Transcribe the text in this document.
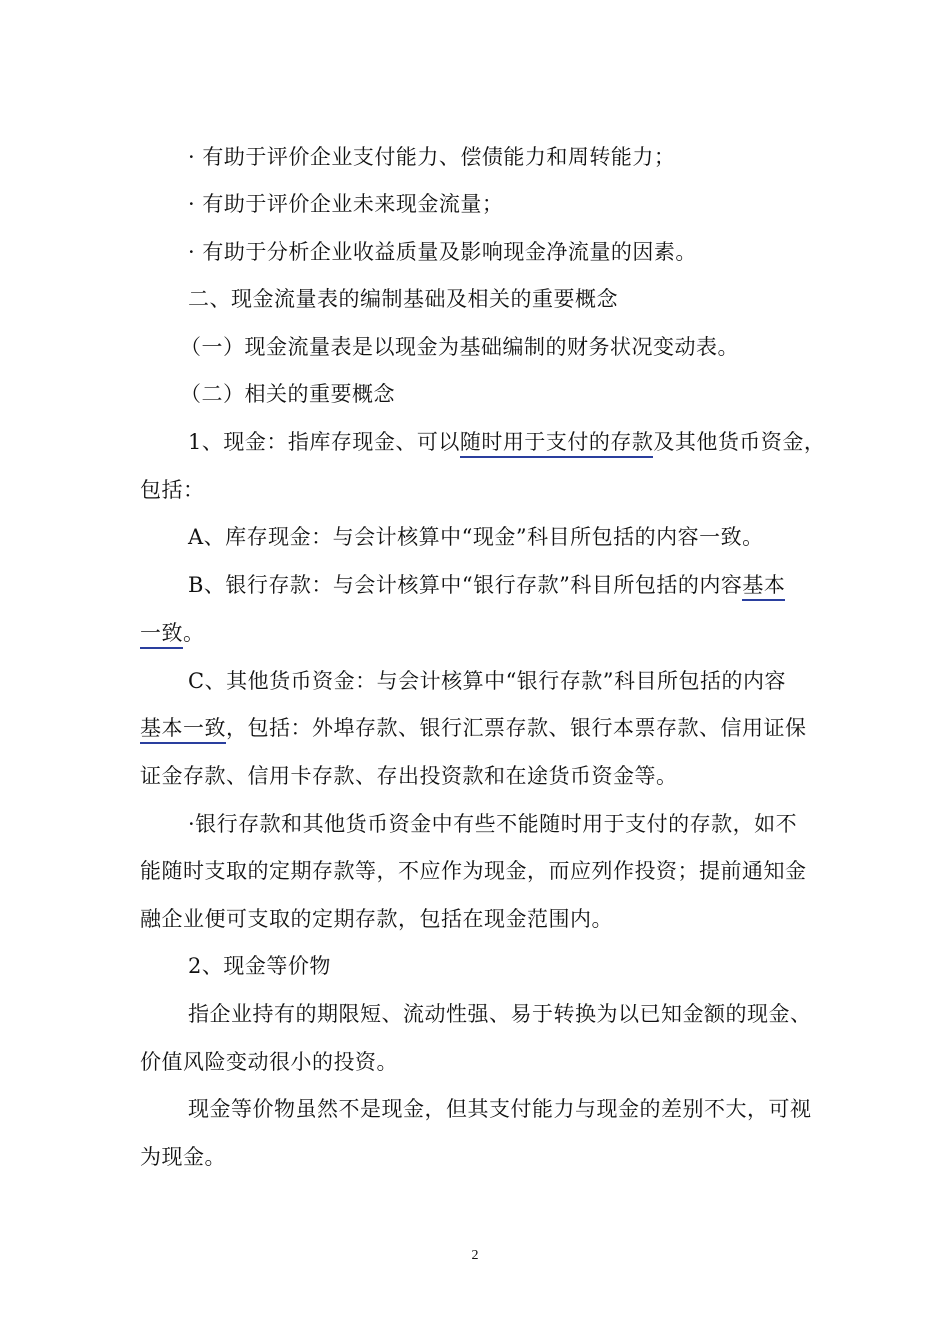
· 有助于评价企业支付能力、偿债能力和周转能力；
· 有助于评价企业未来现金流量；
· 有助于分析企业收益质量及影响现金净流量的因素。
二、现金流量表的编制基础及相关的重要概念
（一）现金流量表是以现金为基础编制的财务状况变动表。
（二）相关的重要概念
1、现金：指库存现金、可以随时用于支付的存款及其他货币资金，
包括：
A、库存现金：与会计核算中“现金”科目所包括的内容一致。
B、银行存款：与会计核算中“银行存款”科目所包括的内容基本
一致。
C、其他货币资金：与会计核算中“银行存款”科目所包括的内容
基本一致，包括：外埠存款、银行汇票存款、银行本票存款、信用证保
证金存款、信用卡存款、存出投资款和在途货币资金等。
·银行存款和其他货币资金中有些不能随时用于支付的存款，如不
能随时支取的定期存款等，不应作为现金，而应列作投资；提前通知金
融企业便可支取的定期存款，包括在现金范围内。
2、现金等价物
指企业持有的期限短、流动性强、易于转换为以已知金额的现金、
价值风险变动很小的投资。
现金等价物虽然不是现金，但其支付能力与现金的差别不大，可视
为现金。
2
